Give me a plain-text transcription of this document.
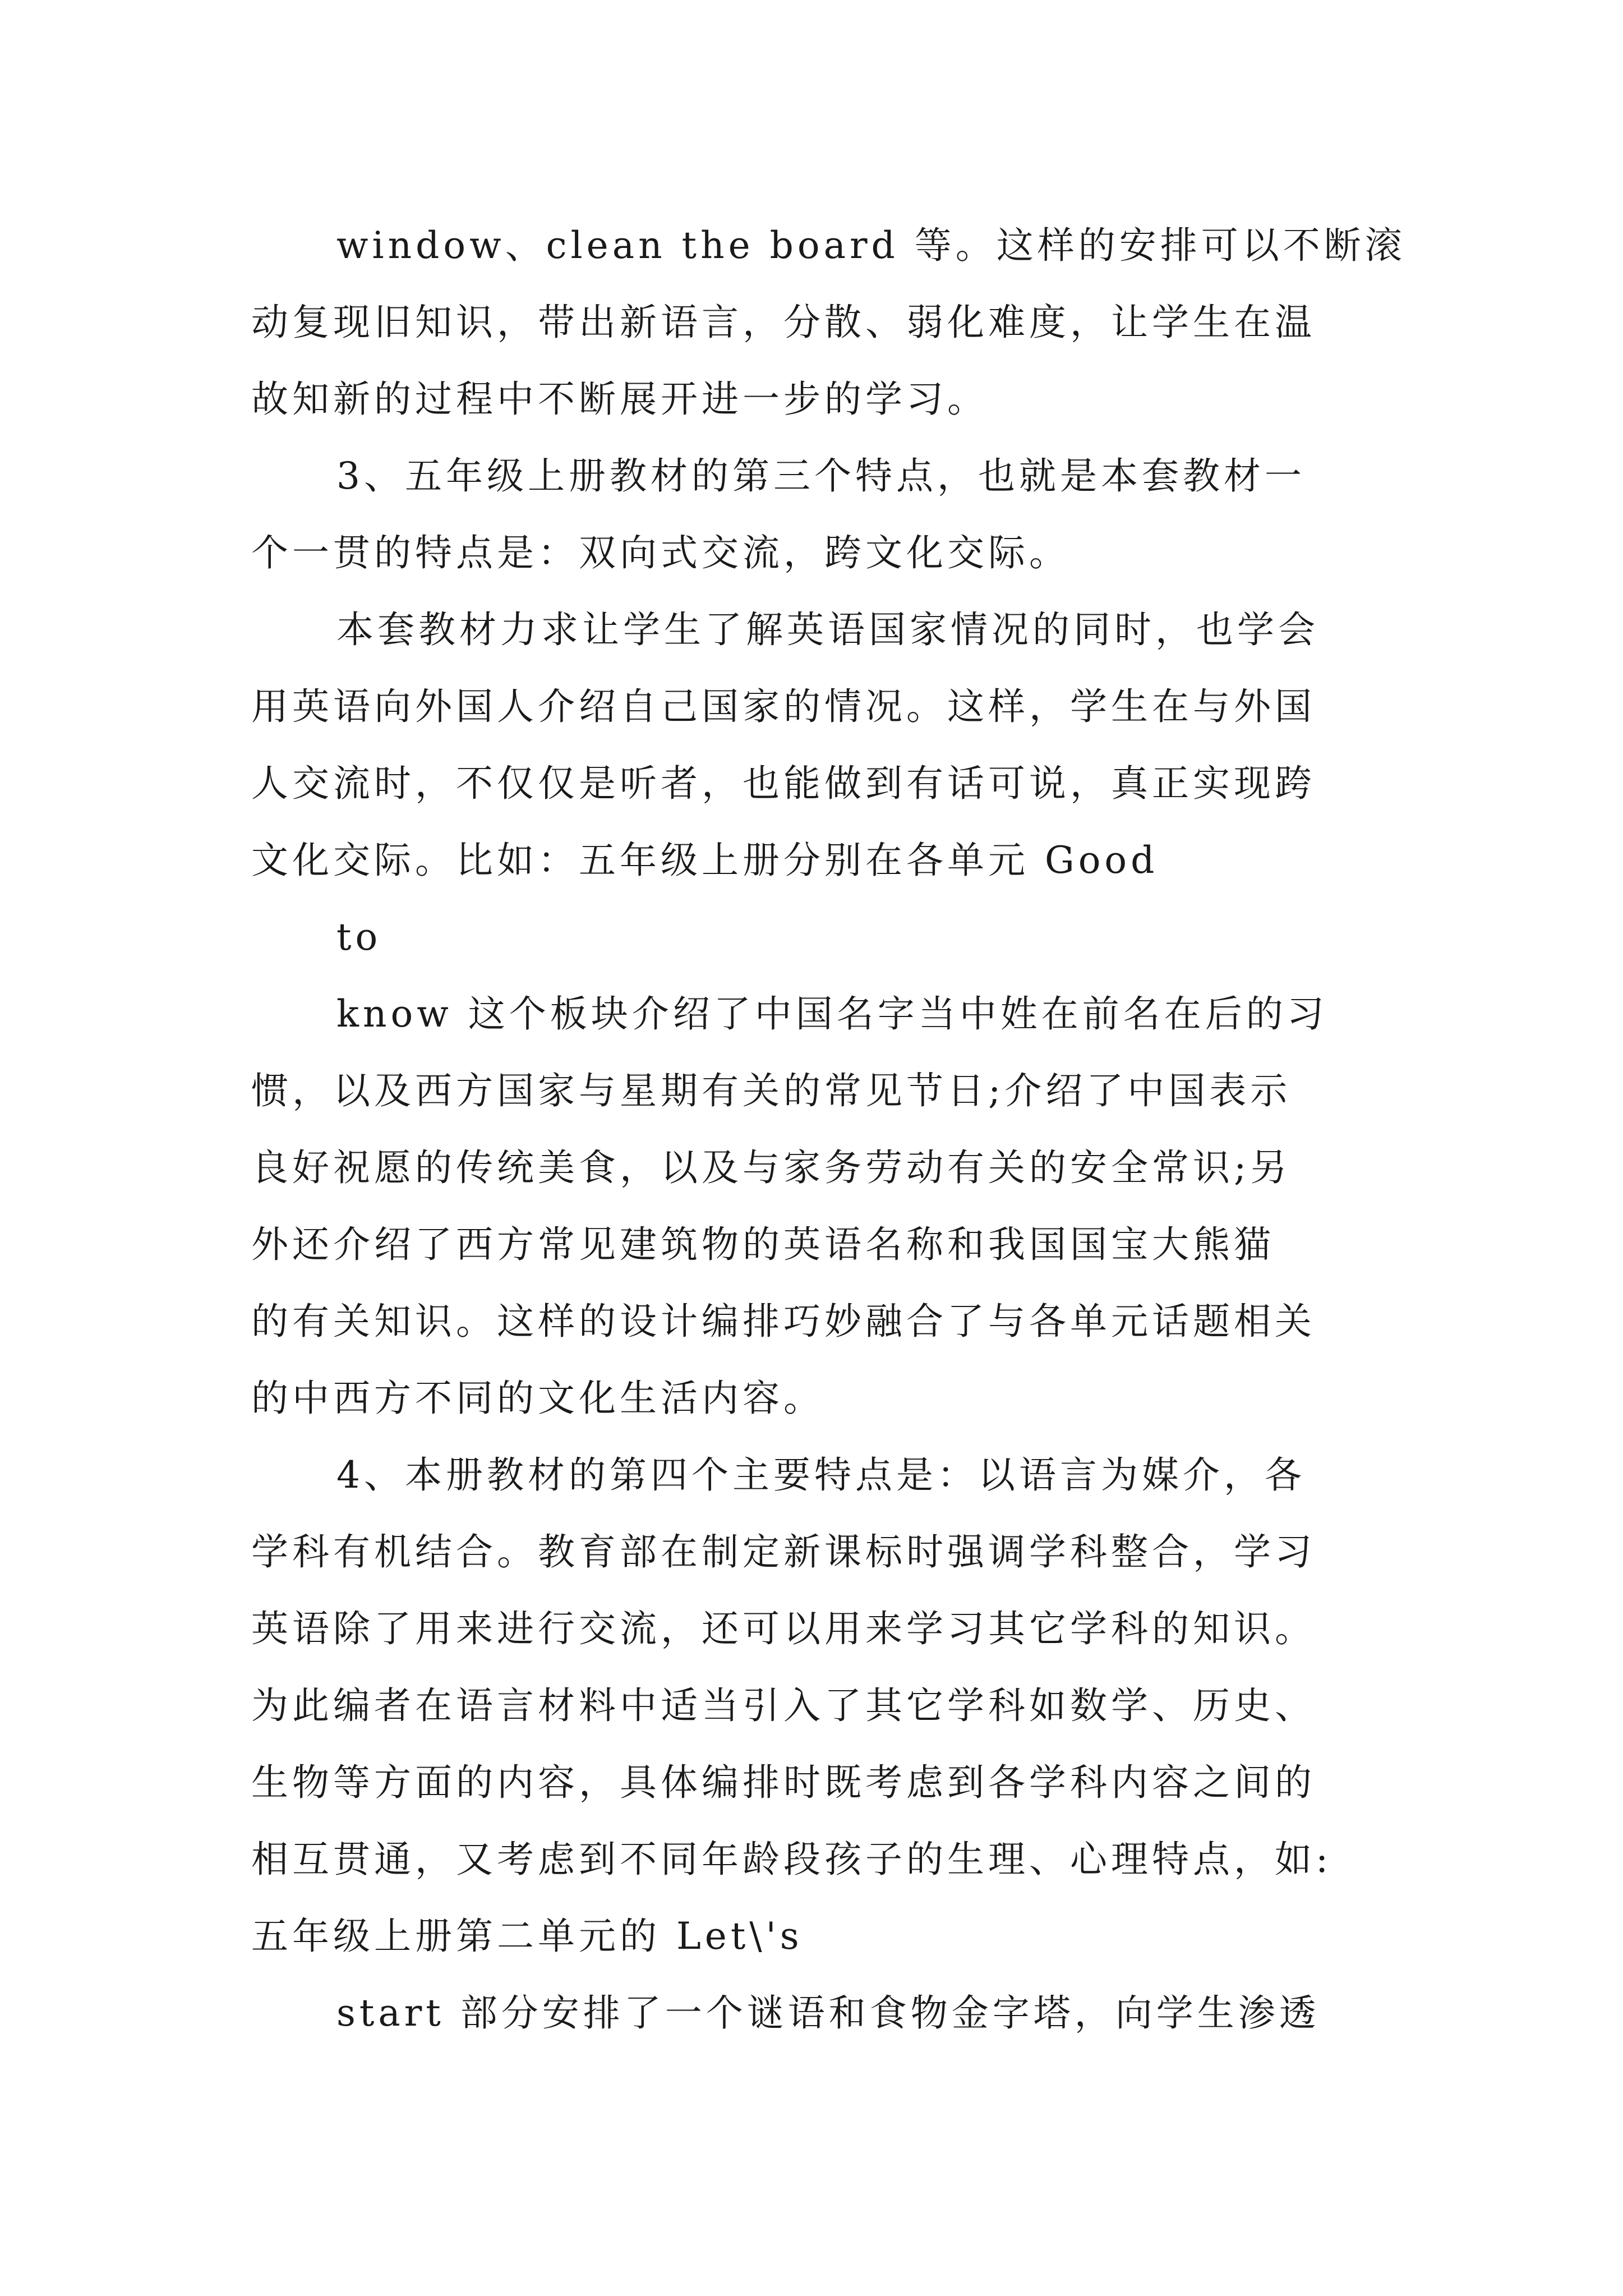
window、clean the board 等。这样的安排可以不断滚

动复现旧知识，带出新语言，分散、弱化难度，让学生在温

故知新的过程中不断展开进一步的学习。

3、五年级上册教材的第三个特点，也就是本套教材一

个一贯的特点是：双向式交流，跨文化交际。

本套教材力求让学生了解英语国家情况的同时，也学会

用英语向外国人介绍自己国家的情况。这样，学生在与外国

人交流时，不仅仅是听者，也能做到有话可说，真正实现跨

文化交际。比如：五年级上册分别在各单元 Good

to

know 这个板块介绍了中国名字当中姓在前名在后的习

惯，以及西方国家与星期有关的常见节日;介绍了中国表示

良好祝愿的传统美食，以及与家务劳动有关的安全常识;另

外还介绍了西方常见建筑物的英语名称和我国国宝大熊猫

的有关知识。这样的设计编排巧妙融合了与各单元话题相关

的中西方不同的文化生活内容。

4、本册教材的第四个主要特点是：以语言为媒介，各

学科有机结合。教育部在制定新课标时强调学科整合，学习

英语除了用来进行交流，还可以用来学习其它学科的知识。

为此编者在语言材料中适当引入了其它学科如数学、历史、

生物等方面的内容，具体编排时既考虑到各学科内容之间的

相互贯通，又考虑到不同年龄段孩子的生理、心理特点，如:

五年级上册第二单元的 Let\'s

start 部分安排了一个谜语和食物金字塔，向学生渗透
